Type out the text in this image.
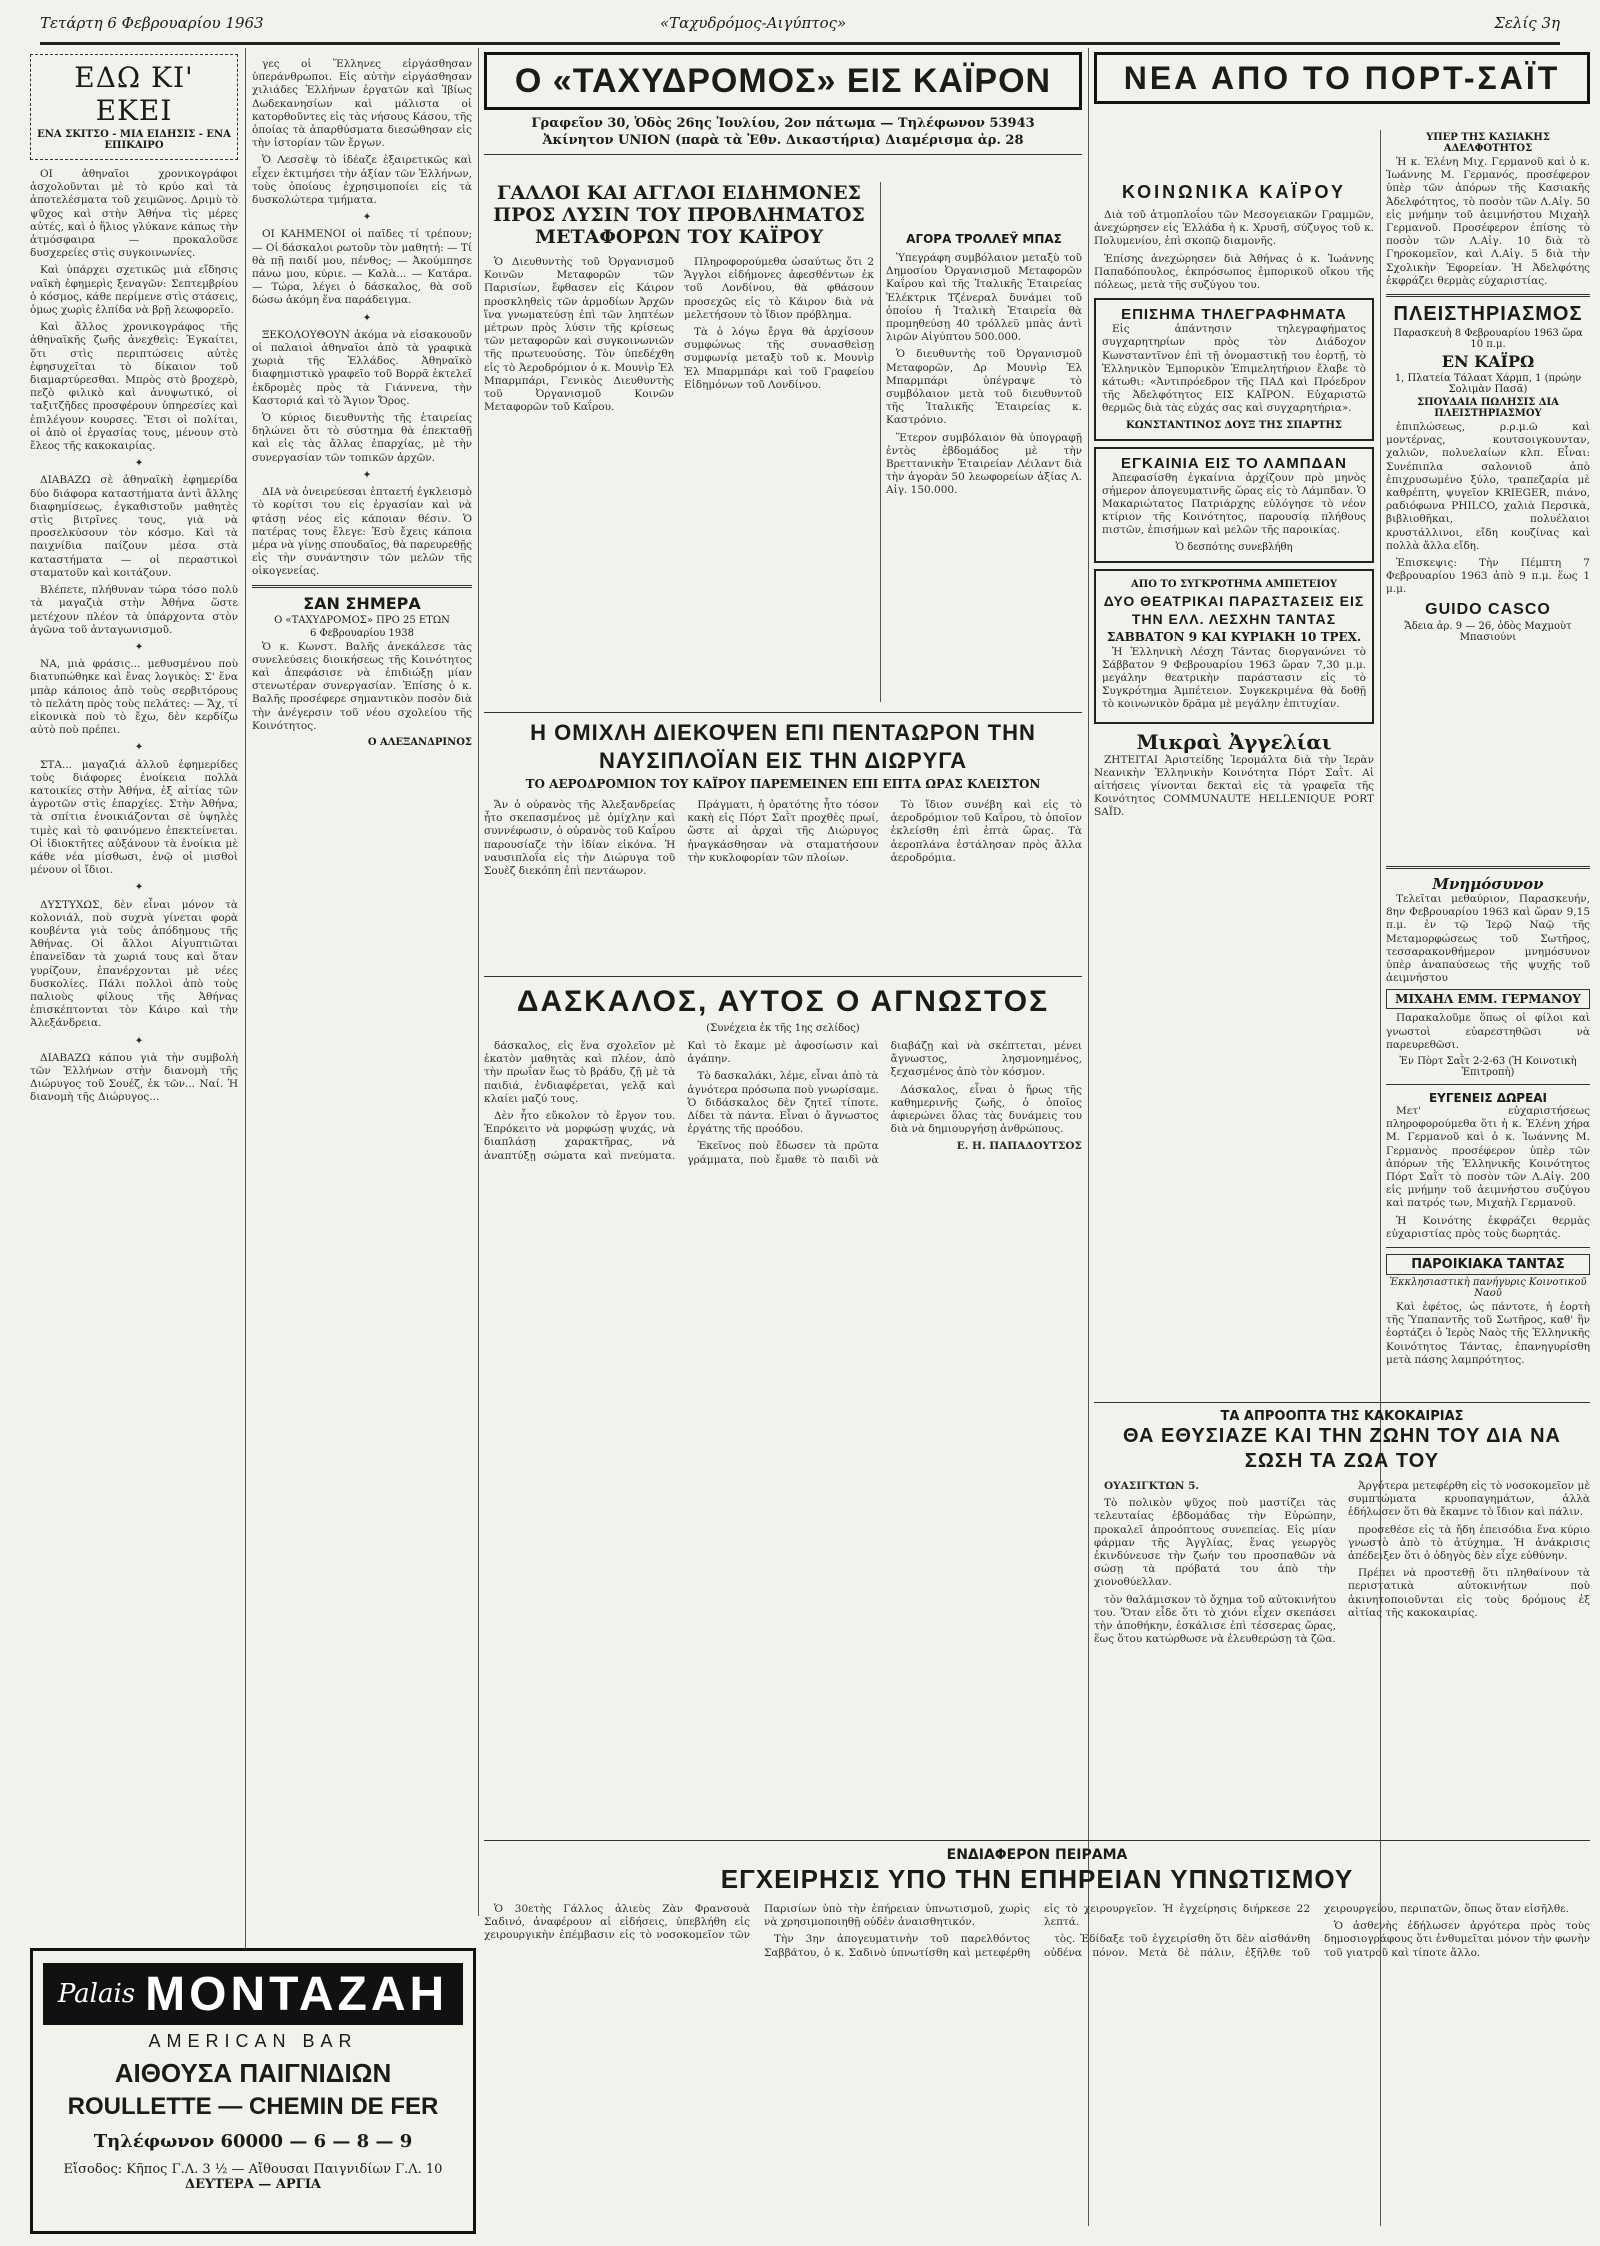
Τετάρτη 6 Φεβρουαρίου 1963	«Ταχυδρόμος-Αιγύπτος»	Σελίς 3η
ΕΔΩ ΚΙ' ΕΚΕΙ
ΕΝΑ ΣΚΙΤΣΟ - ΜΙΑ ΕΙΔΗΣΙΣ - ΕΝΑ ΕΠΙΚΑΙΡΟ

ΟΙ ἀθηναῖοι χρονικογράφοι ἀσχολοῦνται μὲ τὸ κρύο καὶ τὰ ἀποτελέσματα τοῦ χειμῶνος. Δριμὺ τὸ ψῦχος καὶ στὴν Ἀθήνα τὶς μέρες αὐτές, καὶ ὁ ἥλιος γλύκανε κάπως τὴν ἀτμόσφαιρα — προκαλοῦσε δυσχερείες στὶς συγκοινωνίες.

Καὶ ὑπάρχει σχετικῶς μιὰ εἴδησις ναϊκὴ ἐφημερὶς ξεναγῶν: Σεπτεμβρίου ὁ κόσμος, κάθε περίμενε στὶς στάσεις, ὁμως χωρὶς ἐλπίδα νὰ βρῇ λεωφορεῖο.

Καὶ ἄλλος χρονικογράφος τῆς ἀθηναϊκῆς ζωῆς ἀνεχθεὶς: Ἐγκαίτει, ὅτι στὶς περιπτώσεις αὐτὲς ἐφησυχεῖται τὸ δίκαιον τοῦ διαμαρτύρεσθαι. Μπρὸς στὸ βροχερὸ, πεζὸ φιλικὸ καὶ ἀνυψωτικό, οἱ ταξιτζῆδες προσφέρουν ὑπηρεσίες καὶ ἐπιλέγουν κουρσες. Ἔτσι οἱ πολίται, οἱ ἀπὸ οἱ ἐργασίας τους, μένουν στὸ ἔλεος τῆς κακοκαιρίας.

✦

ΔΙΑΒΑΖΩ σὲ ἀθηναϊκὴ ἐφημερίδα δύο διάφορα καταστήματα ἀντὶ ἄλλης διαφημίσεως, ἐγκαθιστοῦν μαθητὲς στὶς βιτρῖνες τους, γιὰ νὰ προσελκύσουν τὸν κόσμο. Καὶ τὰ παιχνίδια παίζουν μέσα στὰ καταστήματα — οἱ περαστικοὶ σταματοῦν καὶ κοιτάζουν.

Βλέπετε, πλήθυναν τώρα τόσο πολὺ τὰ μαγαζιὰ στὴν Ἀθήνα ὥστε μετέχουν πλέον τὰ ὑπάρχοντα στὸν ἀγῶνα τοῦ ἀνταγωνισμοῦ.

✦

ΝΑ, μιὰ φράσις... μεθυσμένου ποὺ διατυπώθηκε καὶ ἔνας λογικὸς: Σ' ἕνα μπὰρ κάποιος ἀπὸ τοὺς σερβιτόρους τὸ πελάτη πρὸς τοὺς πελάτες: — Ἄχ, τί εἰκονικὰ ποὺ τὸ ἔχω, δὲν κερδίζω αὐτὸ ποὺ πρέπει.

✦

ΣΤΑ... μαγαζιά ἀλλοῦ ἐφημερίδες τοὺς διάφορες ἐνοίκεια πολλὰ κατοικίες στὴν Ἀθήνα, ἐξ αἰτίας τῶν ἀγροτῶν στὶς ἐπαρχίες. Στὴν Ἀθήνα, τὰ σπίτια ἐνοικιάζονται σὲ ὑψηλὲς τιμὲς καὶ τὸ φαινόμενο ἐπεκτείνεται. Οἱ ἰδιοκτῆτες αὐξάνουν τὰ ἐνοίκια μὲ κάθε νέα μίσθωσι, ἐνῷ οἱ μισθοὶ μένουν οἱ ἴδιοι.

✦

ΔΥΣΤΥΧΩΣ, δὲν εἶναι μόνον τὰ κολονιάλ, ποὺ συχνὰ γίνεται φορὰ κουβέντα γιὰ τοὺς ἀπόδημους τῆς Ἀθήνας. Οἱ ἄλλοι Αἰγυπτιῶται ἐπανεῖδαν τὰ χωριά τους καὶ ὅταν γυρίζουν, ἐπανέρχονται μὲ νέες δυσκολίες. Πάλι πολλοὶ ἀπὸ τοὺς παλιοὺς φίλους τῆς Ἀθήνας ἐπισκέπτονται τὸν Κάιρο καὶ τὴν Ἀλεξάνδρεια.

✦

ΔΙΑΒΑΖΩ κάπου γιὰ τὴν συμβολὴ τῶν Ἑλλήνων στὴν διανομὴ τῆς Διώρυγος τοῦ Σουέζ, ἐκ τῶν... Ναί. Ἡ διανομὴ τῆς Διώρυγος...

γες οἱ Ἕλληνες εἰργάσθησαν ὑπεράνθρωποι. Εἰς αὐτὴν εἰργάσθησαν χιλιάδες Ἑλλήνων ἐργατῶν καὶ Ἰβίως Δωδεκανησίων καὶ μάλιστα οἱ κατορθοῦντες εἰς τὰς νήσους Κάσου, τῆς ὁποίας τὰ ἀπαρθύσματα διεσώθησαν εἰς τὴν ἱστορίαν τῶν ἔργων.

Ὁ Λεσσὲψ τὸ ἰδέαζε ἐξαιρετικῶς καὶ εἶχεν ἐκτιμήσει τὴν ἀξίαν τῶν Ἑλλήνων, τοὺς ὁποίους ἐχρησιμοποίει εἰς τὰ δυσκολώτερα τμήματα.

✦

ΟΙ ΚΑΗΜΕΝΟΙ οἱ παῖδες τί τρέπουν; — Οἱ δάσκαλοι ρωτοῦν τὸν μαθητή: — Τί θὰ πῇ παιδί μου, πένθος; — Ἀκούμπησε πάνω μου, κύριε. — Καλὰ... — Κατάρα. — Τώρα, λέγει ὁ δάσκαλος, θὰ σοῦ δώσω ἀκόμη ἕνα παράδειγμα.

✦

ΞΕΚΟΛΟΥΘΟΥΝ ἀκόμα νὰ εἰσακουοῦν οἱ παλαιοὶ ἀθηναῖοι ἀπὸ τὰ γραφικὰ χωριὰ τῆς Ἑλλάδος. Ἀθηναϊκὸ διαφημιστικὸ γραφεῖο τοῦ Βορρᾶ ἐκτελεῖ ἐκδρομὲς πρὸς τὰ Γιάννενα, τὴν Καστοριά καὶ τὸ Ἅγιον Ὄρος.

Ὁ κύριος διευθυντὴς τῆς ἑταιρείας δηλώνει ὅτι τὸ σύστημα θὰ ἐπεκταθῇ καὶ εἰς τὰς ἄλλας ἐπαρχίας, μὲ τὴν συνεργασίαν τῶν τοπικῶν ἀρχῶν.

✦

ΔΙΑ νὰ ὀνειρεύεσαι ἑπταετή ἐγκλεισμὸ τὸ κορίτσι του εἰς ἐργασίαν καὶ νὰ φτάσῃ νέος εἰς κάποιαν θέσιν. Ὁ πατέρας τους ἔλεγε: Ἐσὺ ἔχεις κάποια μέρα νὰ γίνῃς σπουδαῖος, θὰ παρευρεθῇς εἰς τὴν συνάντησιν τῶν μελῶν τῆς οἰκογενείας.

ΣΑΝ ΣΗΜΕΡΑ
Ο «ΤΑΧΥΔΡΟΜΟΣ» ΠΡΟ 25 ΕΤΩΝ
6 Φεβρουαρίου 1938

Ὁ κ. Κωνστ. Βαλῆς ἀνεκάλεσε τὰς συνελεύσεις διοικήσεως τῆς Κοινότητος καὶ ἀπεφάσισε νὰ ἐπιδιώξῃ μίαν στενωτέραν συνεργασίαν. Ἐπίσης ὁ κ. Βαλῆς προσέφερε σημαντικὸν ποσὸν διὰ τὴν ἀνέγερσιν τοῦ νέου σχολείου τῆς Κοινότητος.

Ο ΑΛΕΞΑΝΔΡΙΝΟΣ
Palais MONTAZAH
AMERICAN BAR
ΑΙΘΟΥΣΑ ΠΑΙΓΝΙΔΙΩΝ
ROULLETTE — CHEMIN DE FER
Τηλέφωνον 60000 — 6 — 8 — 9
Εἴσοδος: Κῆπος Γ.Λ. 3 ½ — Αἴθουσαι Παιγνιδίων Γ.Λ. 10
ΔΕΥΤΕΡΑ — ΑΡΓΙΑ
Ο «ΤΑΧΥΔΡΟΜΟΣ» ΕΙΣ ΚΑΪΡΟΝ
Γραφεῖον 30, Ὁδὸς 26ης Ἰουλίου, 2ον πάτωμα — Τηλέφωνον 53943
Ἀκίνητον UNION (παρὰ τὰ Ἐθν. Δικαστήρια) Διαμέρισμα ἀρ. 28
ΓΑΛΛΟΙ ΚΑΙ ΑΓΓΛΟΙ ΕΙΔΗΜΟΝΕΣ ΠΡΟΣ ΛΥΣΙΝ ΤΟΥ ΠΡΟΒΛΗΜΑΤΟΣ ΜΕΤΑΦΟΡΩΝ ΤΟΥ ΚΑΪΡΟΥ

Ὁ Διευθυντὴς τοῦ Ὀργανισμοῦ Κοινῶν Μεταφορῶν τῶν Παρισίων, ἔφθασεν εἰς Κάιρον προσκληθεὶς τῶν ἁρμοδίων Ἀρχῶν ἵνα γνωματεύσῃ ἐπὶ τῶν ληπτέων μέτρων πρὸς λύσιν τῆς κρίσεως τῶν μεταφορῶν καὶ συγκοινωνιῶν τῆς πρωτευούσης. Τὸν ὑπεδέχθη εἰς τὸ Ἀεροδρόμιον ὁ κ. Μουνὶρ Ἐλ Μπαρμπάρι, Γενικὸς Διευθυντὴς τοῦ Ὀργανισμοῦ Κοινῶν Μεταφορῶν τοῦ Καΐρου.

Πληροφορούμεθα ὡσαύτως ὅτι 2 Ἄγγλοι εἰδήμονες ἀφεσθέντων ἐκ τοῦ Λονδίνου, θὰ φθάσουν προσεχῶς εἰς τὸ Κάιρον διὰ νὰ μελετήσουν τὸ ἴδιον πρόβλημα.

Τὰ ὁ λόγω ἔργα θὰ ἀρχίσουν συμφώνως τῆς συνασθεὶσῃ συμφωνίᾳ μεταξὺ τοῦ κ. Μουνὶρ Ἐλ Μπαρμπάρι καὶ τοῦ Γραφείου Εἰδημόνων τοῦ Λονδίνου.

ΑΓΟΡΑ ΤΡΟΛΛΕΫ ΜΠΑΣ

Ὑπεγράφη συμβόλαιον μεταξὺ τοῦ Δημοσίου Ὀργανισμοῦ Μεταφορῶν Καΐρου καὶ τῆς Ἰταλικῆς Ἑταιρείας Ἐλέκτρικ Τζένεραλ δυνάμει τοῦ ὁποίου ἡ Ἰταλικὴ Ἑταιρεία θὰ προμηθεύσῃ 40 τρόλλεϋ μπὰς ἀντὶ λιρῶν Αἰγύπτου 500.000.

Ὁ διευθυντὴς τοῦ Ὀργανισμοῦ Μεταφορῶν, Δρ Μουνὶρ Ἐλ Μπαρμπάρι ὑπέγραψε τὸ συμβόλαιον μετὰ τοῦ διευθυντοῦ τῆς Ἰταλικῆς Ἑταιρείας κ. Καστρόνιο.

Ἕτερον συμβόλαιον θὰ ὑπογραφῇ ἐντὸς ἑβδομάδος μὲ τὴν Βρεττανικὴν Ἑταιρείαν Λέιλαντ διὰ τὴν ἀγορὰν 50 λεωφορείων ἀξίας Λ. Αἰγ. 150.000.

Η ΟΜΙΧΛΗ ΔΙΕΚΟΨΕΝ ΕΠΙ ΠΕΝΤΑΩΡΟΝ ΤΗΝ ΝΑΥΣΙΠΛΟΪΑΝ ΕΙΣ ΤΗΝ ΔΙΩΡΥΓΑ
ΤΟ ΑΕΡΟΔΡΟΜΙΟΝ ΤΟΥ ΚΑΪΡΟΥ ΠΑΡΕΜΕΙΝΕΝ ΕΠΙ ΕΠΤΑ ΩΡΑΣ ΚΛΕΙΣΤΟΝ

Ἄν ὁ οὐρανὸς τῆς Ἀλεξανδρείας ἦτο σκεπασμένος μὲ ὀμίχλην καὶ συννέφωσιν, ὁ οὐρανὸς τοῦ Καΐρου παρουσίαζε τὴν ἰδίαν εἰκόνα. Ἡ ναυσιπλοΐα εἰς τὴν Διώρυγα τοῦ Σουὲζ διεκόπη ἐπὶ πεντάωρον.

Πράγματι, ἡ ὁρατότης ἦτο τόσον κακὴ εἰς Πόρτ Σαῒτ προχθὲς πρωί, ὥστε αἱ ἀρχαὶ τῆς Διώρυγος ἠναγκάσθησαν νὰ σταματήσουν τὴν κυκλοφορίαν τῶν πλοίων.

Τὸ ἴδιον συνέβη καὶ εἰς τὸ ἀεροδρόμιον τοῦ Καΐρου, τὸ ὁποῖον ἐκλείσθη ἐπὶ ἑπτὰ ὥρας. Τὰ ἀεροπλάνα ἐστάλησαν πρὸς ἄλλα ἀεροδρόμια.

ΔΑΣΚΑΛΟΣ, ΑΥΤΟΣ Ο ΑΓΝΩΣΤΟΣ
(Συνέχεια ἐκ τῆς 1ης σελίδος)

δάσκαλος, εἰς ἕνα σχολεῖον μὲ ἑκατὸν μαθητὰς καὶ πλέον, ἀπὸ τὴν πρωΐαν ἕως τὸ βράδυ, ζῇ μὲ τὰ παιδιά, ἐνδιαφέρεται, γελᾷ καὶ κλαίει μαζύ τους.

Δὲν ἦτο εὔκολον τὸ ἔργον του. Ἐπρόκειτο νὰ μορφώσῃ ψυχάς, νὰ διαπλάσῃ χαρακτῆρας, νὰ ἀναπτύξῃ σώματα καὶ πνεύματα. Καὶ τὸ ἔκαμε μὲ ἀφοσίωσιν καὶ ἀγάπην.

Τὸ δασκαλάκι, λέμε, εἶναι ἀπὸ τὰ ἁγνότερα πρόσωπα ποὺ γνωρίσαμε. Ὁ διδάσκαλος δὲν ζητεῖ τίποτε. Δίδει τὰ πάντα. Εἶναι ὁ ἄγνωστος ἐργάτης τῆς προόδου.

Ἐκεῖνος ποὺ ἔδωσεν τὰ πρῶτα γράμματα, ποὺ ἔμαθε τὸ παιδὶ νὰ διαβάζῃ καὶ νὰ σκέπτεται, μένει ἄγνωστος, λησμονημένος, ξεχασμένος ἀπὸ τὸν κόσμον.

Δάσκαλος, εἶναι ὁ ἥρως τῆς καθημερινῆς ζωῆς, ὁ ὁποῖος ἀφιερώνει ὅλας τὰς δυνάμεις του διὰ νὰ δημιουργήσῃ ἀνθρώπους.

Ε. Η. ΠΑΠΑΔΟΥΤΣΟΣ

ΕΝΔΙΑΦΕΡΟΝ ΠΕΙΡΑΜΑ
ΕΓΧΕΙΡΗΣΙΣ ΥΠΟ ΤΗΝ ΕΠΗΡΕΙΑΝ ΥΠΝΩΤΙΣΜΟΥ

Ὁ 30ετὴς Γάλλος ἁλιεὺς Ζὰν Φρανσουὰ Σαδινό, ἀναφέρουν αἱ εἰδήσεις, ὑπεβλήθη εἰς χειρουργικὴν ἐπέμβασιν εἰς τὸ νοσοκομεῖον τῶν Παρισίων ὑπὸ τὴν ἐπήρειαν ὑπνωτισμοῦ, χωρὶς νὰ χρησιμοποιηθῇ οὐδὲν ἀναισθητικόν.

Τὴν 3ην ἀπογευματινὴν τοῦ παρελθόντος Σαββάτου, ὁ κ. Σαδινὸ ὑπνωτίσθη καὶ μετεφέρθη εἰς τὸ χειρουργεῖον. Ἡ ἐγχείρησις διήρκεσε 22 λεπτά.

τὸς. Ἐδίδαξε τοῦ ἐγχειρίσθη ὅτι δὲν αἰσθάνθη οὐδένα πόνον. Μετὰ δὲ πάλιν, ἐξῆλθε τοῦ χειρουργείου, περιπατῶν, ὅπως ὅταν εἰσῆλθε.

Ὁ ἀσθενὴς ἐδήλωσεν ἀργότερα πρὸς τοὺς δημοσιογράφους ὅτι ἐνθυμεῖται μόνον τὴν φωνὴν τοῦ γιατροῦ καὶ τίποτε ἄλλο.

ΚΟΙΝΩΝΙΚΑ ΚΑΪΡΟΥ

Διὰ τοῦ ἀτμοπλοΐου τῶν Μεσογειακῶν Γραμμῶν, ἀνεχώρησεν εἰς Ἑλλάδα ἡ κ. Χρυσῆ, σύζυγος τοῦ κ. Πολυμενίου, ἐπὶ σκοπῷ διαμονῆς.

Ἐπίσης ἀνεχώρησεν διὰ Ἀθήνας ὁ κ. Ἰωάννης Παπαδόπουλος, ἐκπρόσωπος ἐμπορικοῦ οἴκου τῆς πόλεως, μετὰ τῆς συζύγου του.

ΕΠΙΣΗΜΑ ΤΗΛΕΓΡΑΦΗΜΑΤΑ

Εἰς ἀπάντησιν τηλεγραφήματος συγχαρητηρίων πρὸς τὸν Διάδοχον Κωνσταντῖνον ἐπὶ τῇ ὀνομαστικῇ του ἑορτῇ, τὸ Ἑλληνικὸν Ἐμπορικὸν Ἐπιμελητήριον ἔλαβε τὸ κάτωθι: «Ἀντιπρόεδρον τῆς ΠΑΔ καὶ Πρόεδρον τῆς Ἀδελφότητος ΕΙΣ ΚΑΪΡΟΝ. Εὐχαριστῶ θερμῶς διὰ τὰς εὐχάς σας καὶ συγχαρητήρια».

ΚΩΝΣΤΑΝΤΙΝΟΣ ΔΟΥΞ ΤΗΣ ΣΠΑΡΤΗΣ
ΕΓΚΑΙΝΙΑ ΕΙΣ ΤΟ ΛΑΜΠΔΑΝ

Ἀπεφασίσθη ἐγκαίνια ἀρχίζουν πρὸ μηνὸς σήμερον ἀπογευματινῆς ὥρας εἰς τὸ Λάμπδαν. Ὁ Μακαριώτατος Πατριάρχης εὐλόγησε τὸ νέον κτίριον τῆς Κοινότητος, παρουσίᾳ πλήθους πιστῶν, ἐπισήμων καὶ μελῶν τῆς παροικίας.

Ὁ δεσπότης συνεβλήθη
ΑΠΟ ΤΟ ΣΥΓΚΡΟΤΗΜΑ ΑΜΠΕΤΕΙΟΥ
ΔΥΟ ΘΕΑΤΡΙΚΑΙ ΠΑΡΑΣΤΑΣΕΙΣ ΕΙΣ ΤΗΝ ΕΛΛ. ΛΕΣΧΗΝ ΤΑΝΤΑΣ
ΣΑΒΒΑΤΟΝ 9 ΚΑΙ ΚΥΡΙΑΚΗ 10 ΤΡΕΧ.

Ἡ Ἑλληνικὴ Λέσχη Τάντας διοργανώνει τὸ Σάββατον 9 Φεβρουαρίου 1963 ὥραν 7,30 μ.μ. μεγάλην θεατρικὴν παράστασιν εἰς τὸ Συγκρότημα Ἀμπέτειον. Συγκεκριμένα θὰ δοθῇ τὸ κοινωνικὸν δρᾶμα μὲ μεγάλην ἐπιτυχίαν.

Μικραὶ Ἀγγελίαι

ΖΗΤΕΙΤΑΙ Ἀριστείδης Ἰερομάλτα διὰ τὴν Ἱερὰν Νεανικὴν Ἑλληνικὴν Κοινότητα Πόρτ Σαῒτ. Αἱ αἰτήσεις γίνονται δεκταὶ εἰς τὰ γραφεῖα τῆς Κοινότητος COMMUNAUTE HELLENIQUE PORT SAÏD.

ΤΑ ΑΠΡΟΟΠΤΑ ΤΗΣ ΚΑΚΟΚΑΙΡΙΑΣ
ΘΑ ΕΘΥΣΙΑΖΕ ΚΑΙ ΤΗΝ ΖΩΗΝ ΤΟΥ ΔΙΑ ΝΑ ΣΩΣΗ ΤΑ ΖΩΑ ΤΟΥ

ΟΥΑΣΙΓΚΤΩΝ 5.

Τὸ πολικὸν ψῦχος ποὺ μαστίζει τὰς τελευταίας ἑβδομάδας τὴν Εὐρώπην, προκαλεῖ ἀπροόπτους συνεπείας. Εἰς μίαν φάρμαν τῆς Ἀγγλίας, ἕνας γεωργὸς ἐκινδύνευσε τὴν ζωήν του προσπαθῶν νὰ σώσῃ τὰ πρόβατά του ἀπὸ τὴν χιονοθύελλαν.

τὸν θαλάμισκον τὸ ὄχημα τοῦ αὐτοκινήτου του. Ὅταν εἶδε ὅτι τὸ χιόνι εἶχεν σκεπάσει τὴν ἀποθήκην, ἐσκάλισε ἐπὶ τέσσερας ὥρας, ἕως ὅτου κατώρθωσε νὰ ἐλευθερώσῃ τὰ ζῶα.

Ἀργότερα μετεφέρθη εἰς τὸ νοσοκομεῖον μὲ συμπτώματα κρυοπαγημάτων, ἀλλὰ ἐδήλωσεν ὅτι θὰ ἔκαμνε τὸ ἴδιον καὶ πάλιν.

προσεθέσε εἰς τὰ ἤδη ἐπεισόδια ἕνα κύριο γνωστὸ ἀπὸ τὸ ἀτύχημα. Ἡ ἀνάκρισις ἀπέδειξεν ὅτι ὁ ὁδηγὸς δὲν εἶχε εὐθύνην.

Πρέπει νὰ προστεθῇ ὅτι πληθαίνουν τὰ περιστατικὰ αὐτοκινήτων ποὺ ἀκινητοποιοῦνται εἰς τοὺς δρόμους ἐξ αἰτίας τῆς κακοκαιρίας.

ΝΕΑ ΑΠΟ ΤΟ ΠΟΡΤ-ΣΑΪΤ
ΥΠΕΡ ΤΗΣ ΚΑΣΙΑΚΗΣ ΑΔΕΛΦΟΤΗΤΟΣ

Ἡ κ. Ἑλένη Μιχ. Γερμανοῦ καὶ ὁ κ. Ἰωάννης Μ. Γερμανός, προσέφερον ὑπὲρ τῶν ἀπόρων τῆς Κασιακῆς Ἀδελφότητος, τὸ ποσὸν τῶν Λ.Αἰγ. 50 εἰς μνήμην τοῦ ἀειμνήστου Μιχαὴλ Γερμανοῦ. Προσέφερον ἐπίσης τὸ ποσὸν τῶν Λ.Αἰγ. 10 διὰ τὸ Γηροκομεῖον, καὶ Λ.Αἰγ. 5 διὰ τὴν Σχολικὴν Ἐφορείαν. Ἡ Ἀδελφότης ἐκφράζει θερμὰς εὐχαριστίας.

ΠΛΕΙΣΤΗΡΙΑΣΜΟΣ
Παρασκευὴ 8 Φεβρουαρίου 1963 ὥρα 10 π.μ.
ΕΝ ΚΑΪΡΩ
1, Πλατεία Τάλαατ Χάρμπ, 1 (πρώην Σολιμὰν Πασᾶ)
ΣΠΟΥΔΑΙΑ ΠΩΛΗΣΙΣ ΔΙΑ ΠΛΕΙΣΤΗΡΙΑΣΜΟΥ

ἐπιπλώσεως, ρ.ρ.μ.ῶ καὶ μοντέρνας, κουτσοιγκουνταν, χαλιῶν, πολυελαίων κλπ. Εἶναι: Συνέπιπλα σαλονιοῦ ἀπὸ ἐπιχρυσωμένο ξύλο, τραπεζαρία μὲ καθρέπτη, ψυγεῖον KRIEGER, πιάνο, ραδιόφωνα PHILCO, χαλιὰ Περσικὰ, βιβλιοθῆκαι, πολυέλαιοι κρυστάλλινοι, εἴδη κουζίνας καὶ πολλὰ ἄλλα εἴδη.

Ἐπισκεψις: Τὴν Πέμπτη 7 Φεβρουαρίου 1963 ἀπὸ 9 π.μ. ἕως 1 μ.μ.

GUIDO CASCO
Ἄδεια ἀρ. 9 — 26, ὁδὸς Μαχμοὺτ Μπασιούνι
Μνημόσυνον

Τελεῖται μεθαύριον, Παρασκευήν, 8ην Φεβρουαρίου 1963 καὶ ὥραν 9,15 π.μ. ἐν τῷ Ἱερῷ Ναῷ τῆς Μεταμορφώσεως τοῦ Σωτῆρος, τεσσαρακονθήμερον μνημόσυνον ὑπὲρ ἀναπαύσεως τῆς ψυχῆς τοῦ ἀειμνήστου

ΜΙΧΑΗΛ ΕΜΜ. ΓΕΡΜΑΝΟΥ

Παρακαλοῦμε ὅπως οἱ φίλοι καὶ γνωστοὶ εὐαρεστηθῶσι νὰ παρευρεθῶσι.

Ἐν Πὸρτ Σαῒτ 2-2-63 (Ἡ Κοινοτικὴ Ἐπιτροπὴ)
ΕΥΓΕΝΕΙΣ ΔΩΡΕΑΙ

Μετ' εὐχαριστήσεως πληροφορούμεθα ὅτι ἡ κ. Ἑλένη χήρα Μ. Γερμανοῦ καὶ ὁ κ. Ἰωάννης Μ. Γερμανὸς προσέφερον ὑπὲρ τῶν ἀπόρων τῆς Ἑλληνικῆς Κοινότητος Πόρτ Σαῒτ τὸ ποσὸν τῶν Λ.Αἰγ. 200 εἰς μνήμην τοῦ ἀειμνήστου συζύγου καὶ πατρός των, Μιχαὴλ Γερμανοῦ.

Ἡ Κοινότης ἐκφράζει θερμὰς εὐχαριστίας πρὸς τοὺς δωρητάς.

ΠΑΡΟΙΚΙΑΚΑ ΤΑΝΤΑΣ
Ἐκκλησιαστικὴ πανήγυρις Κοινοτικοῦ Ναοῦ

Καὶ ἐφέτος, ὡς πάντοτε, ἡ ἑορτὴ τῆς Ὑπαπαντῆς τοῦ Σωτῆρος, καθ' ἣν ἑορτάζει ὁ Ἱερὸς Ναὸς τῆς Ἑλληνικῆς Κοινότητος Τάντας, ἐπανηγυρίσθη μετὰ πάσης λαμπρότητος.
